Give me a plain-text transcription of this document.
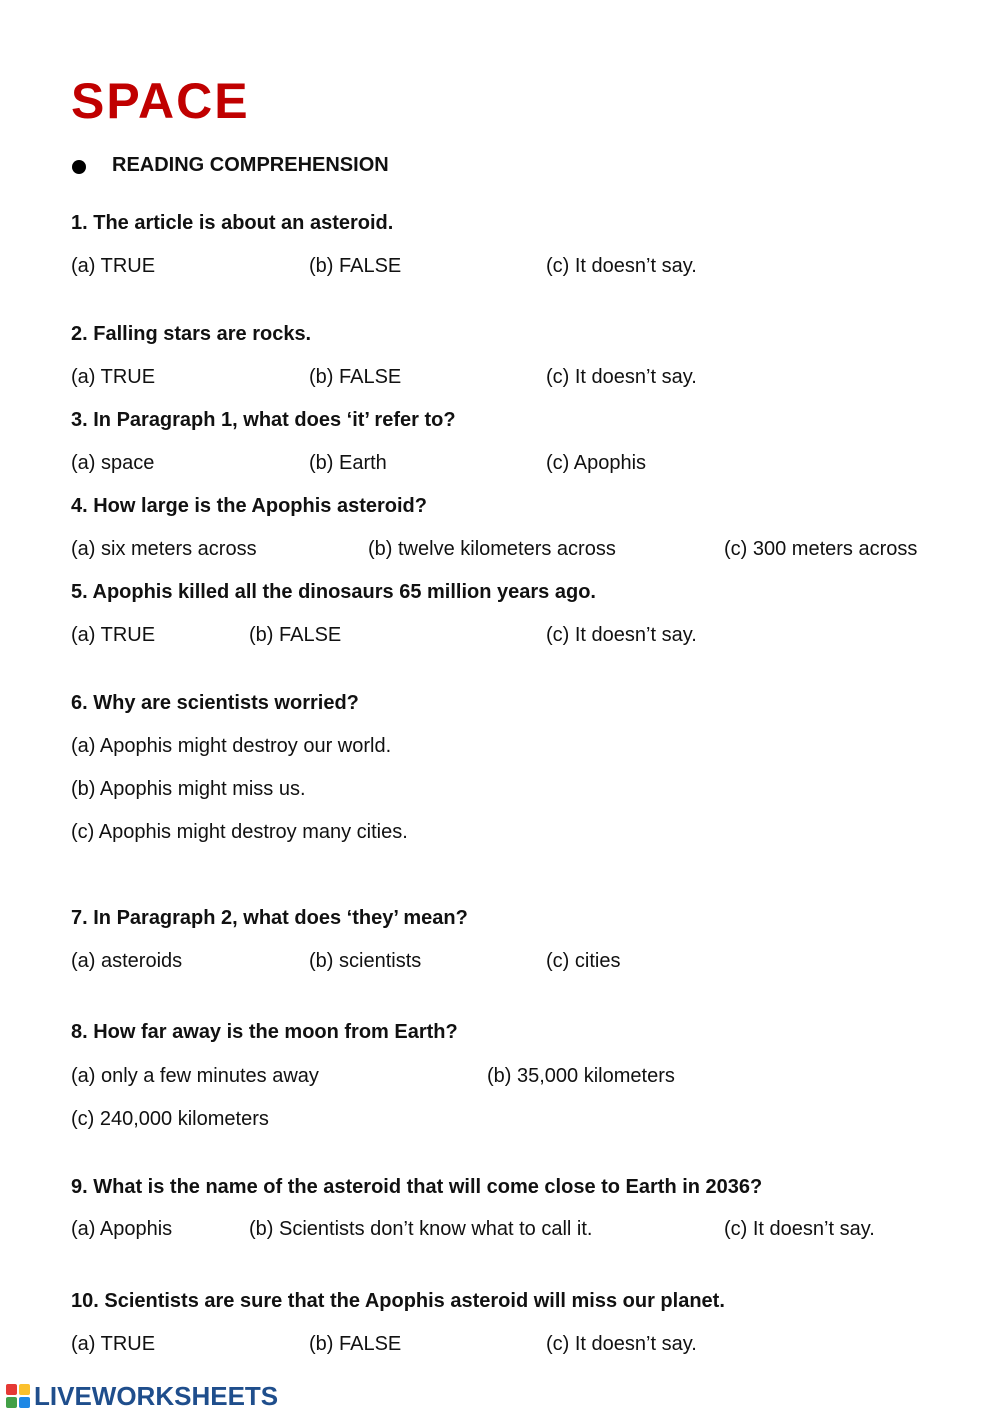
SPACE
READING COMPREHENSION
1. The article is about an asteroid.
(a) TRUE	(b) FALSE	(c) It doesn’t say.
2. Falling stars are rocks.
(a) TRUE	(b) FALSE	(c) It doesn’t say.
3. In Paragraph 1, what does ‘it’ refer to?
(a) space	(b) Earth	(c) Apophis
4. How large is the Apophis asteroid?
(a) six meters across	(b) twelve kilometers across	(c) 300 meters across
5. Apophis killed all the dinosaurs 65 million years ago.
(a) TRUE	(b) FALSE	(c) It doesn’t say.
6. Why are scientists worried?
(a) Apophis might destroy our world.
(b) Apophis might miss us.
(c) Apophis might destroy many cities.
7. In Paragraph 2, what does ‘they’ mean?
(a) asteroids	(b) scientists	(c) cities
8. How far away is the moon from Earth?
(a) only a few minutes away	(b) 35,000 kilometers
(c) 240,000 kilometers
9. What is the name of the asteroid that will come close to Earth in 2036?
(a) Apophis	(b) Scientists don’t know what to call it.	(c) It doesn’t say.
10. Scientists are sure that the Apophis asteroid will miss our planet.
(a) TRUE	(b) FALSE	(c) It doesn’t say.
LIVEWORKSHEETS
